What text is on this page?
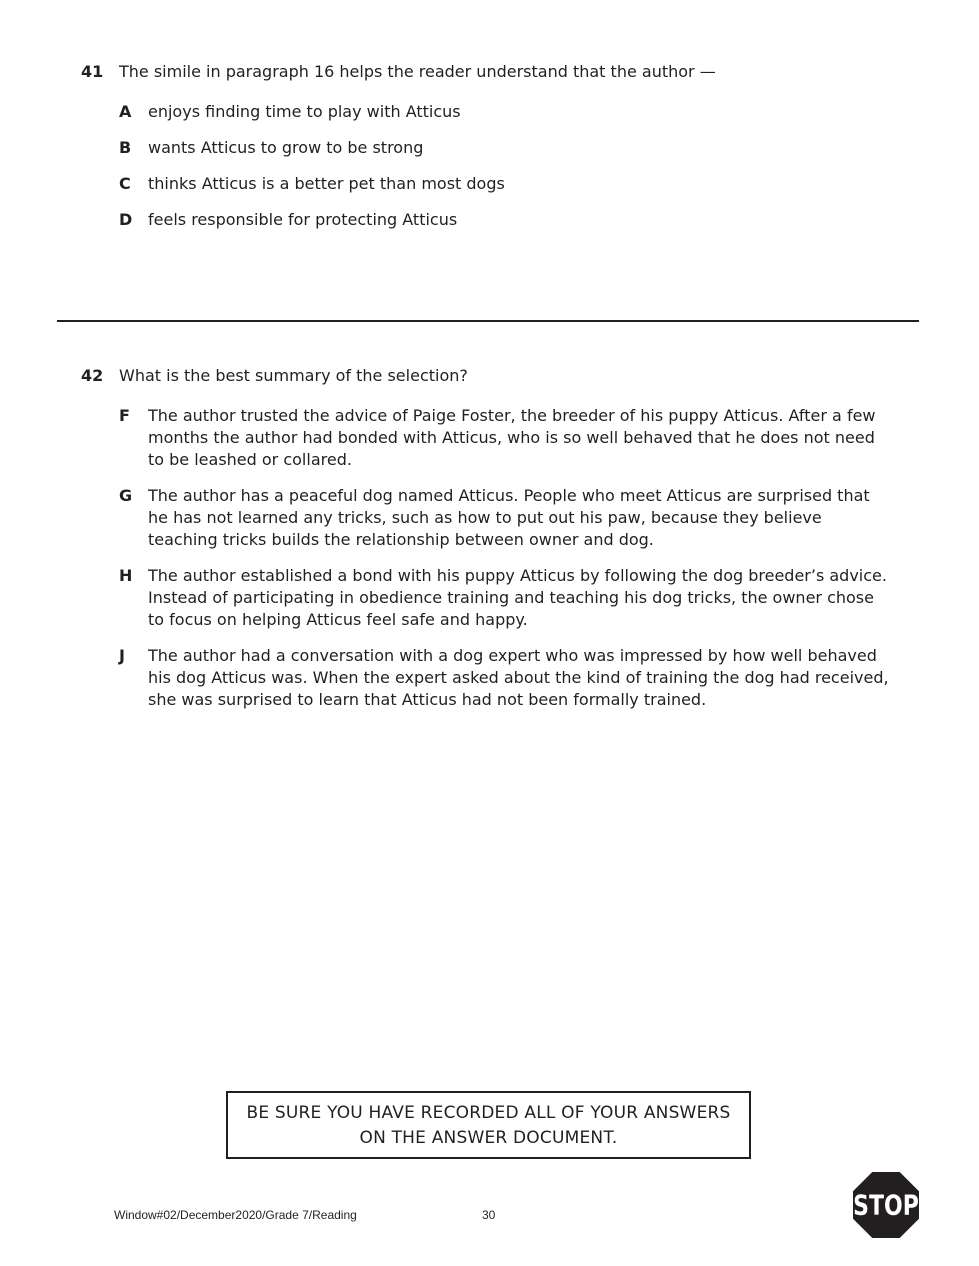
41 The simile in paragraph 16 helps the reader understand that the author —
A	enjoys finding time to play with Atticus
B	wants Atticus to grow to be strong
C	thinks Atticus is a better pet than most dogs
D feels responsible for protecting Atticus
42 What is the best summary of the selection?
F	The author trusted the advice of Paige Foster, the breeder of his puppy Atticus. After a few months the author had bonded with Atticus, who is so well behaved that he does not need to be leashed or collared.
G The author has a peaceful dog named Atticus. People who meet Atticus are surprised that he has not learned any tricks, such as how to put out his paw, because they believe teaching tricks builds the relationship between owner and dog.
H The author established a bond with his puppy Atticus by following the dog breeder’s advice. Instead of participating in obedience training and teaching his dog tricks, the owner chose to focus on helping Atticus feel safe and happy.
J	The author had a conversation with a dog expert who was impressed by how well behaved his dog Atticus was. When the expert asked about the kind of training the dog had received, she was surprised to learn that Atticus had not been formally trained.
BE SURE YOU HAVE RECORDED ALL OF YOUR ANSWERS
ON THE ANSWER DOCUMENT.
Window#02/December2020/Grade 7/Reading	30	STOP
